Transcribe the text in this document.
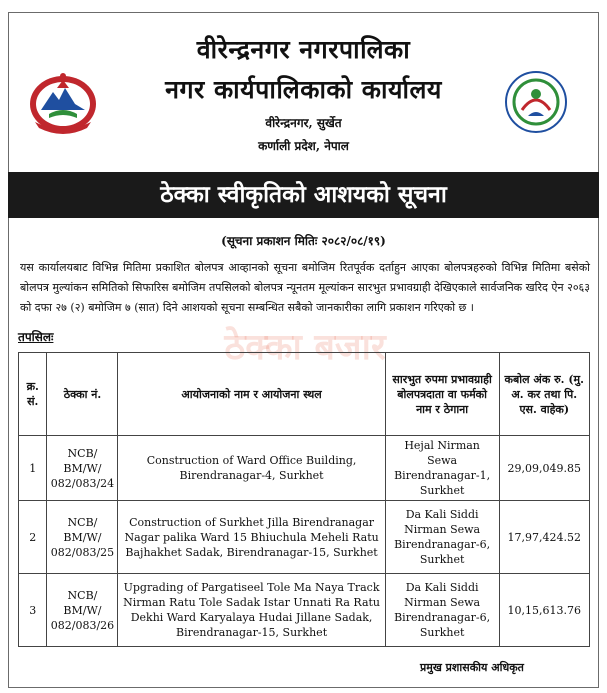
वीरेन्द्रनगर नगरपालिका
नगर कार्यपालिकाको कार्यालय
वीरेन्द्रनगर, सुर्खेत
कर्णाली प्रदेश, नेपाल
ठेक्का स्वीकृतिको आशयको सूचना
(सूचना प्रकाशन मितिः २०८२/०८/१९)
यस कार्यालयबाट विभिन्न मितिमा प्रकाशित बोलपत्र आव्हानको सूचना बमोजिम रितपूर्वक दर्ताहुन आएका बोलपत्रहरुको विभिन्न मितिमा बसेको बोलपत्र मुल्यांकन समितिको सिफारिस बमोजिम तपसिलको बोलपत्र न्यूनतम मूल्यांकन सारभुत प्रभावग्राही देखिएकाले सार्वजनिक खरिद ऐन २०६३ को दफा २७ (२) बमोजिम ७ (सात) दिने आशयको सूचना सम्बन्धित सबैको जानकारीका लागि प्रकाशन गरिएको छ ।
ठेक्का बजार
तपसिलः
क्र. सं.	ठेक्का नं.	आयोजनाको नाम र आयोजना स्थल	सारभुत रुपमा प्रभावग्राही बोलपत्रदाता वा फर्मको नाम र ठेगाना	कबोल अंक रु. (मु. अ. कर तथा पि. एस. वाहेक)
1	NCB/ BM/W/ 082/083/24	Construction of Ward Office Building, Birendranagar-4, Surkhet	Hejal Nirman Sewa Birendranagar-1, Surkhet	29,09,049.85
2	NCB/ BM/W/ 082/083/25	Construction of Surkhet Jilla Birendranagar Nagar palika Ward 15 Bhiuchula Meheli Ratu Bajhakhet Sadak, Birendranagar-15, Surkhet	Da Kali Siddi Nirman Sewa Birendranagar-6, Surkhet	17,97,424.52
3	NCB/ BM/W/ 082/083/26	Upgrading of Pargatiseel Tole Ma Naya Track Nirman Ratu Tole Sadak Istar Unnati Ra Ratu Dekhi Ward Karyalaya Hudai Jillane Sadak, Birendranagar-15, Surkhet	Da Kali Siddi Nirman Sewa Birendranagar-6, Surkhet	10,15,613.76
प्रमुख प्रशासकीय अधिकृत
